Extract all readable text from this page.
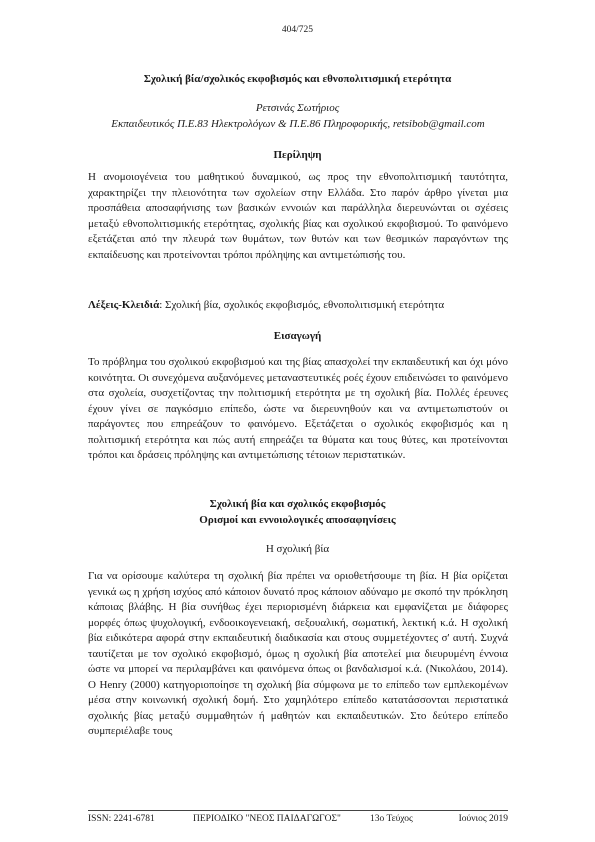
404/725
Σχολική βία/σχολικός εκφοβισμός και εθνοπολιτισμική ετερότητα
Ρετσινάς Σωτήριος
Εκπαιδευτικός Π.Ε.83 Ηλεκτρολόγων & Π.Ε.86 Πληροφορικής, retsibob@gmail.com
Περίληψη

Η ανομοιογένεια του μαθητικού δυναμικού, ως προς την εθνοπολιτισμική ταυτότητα, χαρακτηρίζει την πλειονότητα των σχολείων στην Ελλάδα. Στο παρόν άρθρο γίνεται μια προσπάθεια αποσαφήνισης των βασικών εννοιών και παράλληλα διερευνώνται οι σχέσεις μεταξύ εθνοπολιτισμικής ετερότητας, σχολικής βίας και σχολικού εκφοβισμού. Το φαινόμενο εξετάζεται από την πλευρά των θυμάτων, των θυτών και των θεσμικών παραγόντων της εκπαίδευσης και προτείνονται τρόποι πρόληψης και αντιμετώπισής του.

Λέξεις-Κλειδιά: Σχολική βία, σχολικός εκφοβισμός, εθνοπολιτισμική ετερότητα

Εισαγωγή

Το πρόβλημα του σχολικού εκφοβισμού και της βίας απασχολεί την εκπαιδευτική και όχι μόνο κοινότητα. Οι συνεχόμενα αυξανόμενες μεταναστευτικές ροές έχουν επιδεινώσει το φαινόμενο στα σχολεία, συσχετίζοντας την πολιτισμική ετερότητα με τη σχολική βία. Πολλές έρευνες έχουν γίνει σε παγκόσμιο επίπεδο, ώστε να διερευνηθούν και να αντιμετωπιστούν οι παράγοντες που επηρεάζουν το φαινόμενο. Εξετάζεται ο σχολικός εκφοβισμός και η πολιτισμική ετερότητα και πώς αυτή επηρεάζει τα θύματα και τους θύτες, και προτείνονται τρόποι και δράσεις πρόληψης και αντιμετώπισης τέτοιων περιστατικών.

Σχολική βία και σχολικός εκφοβισμός
Ορισμοί και εννοιολογικές αποσαφηνίσεις
Η σχολική βία

Για να ορίσουμε καλύτερα τη σχολική βία πρέπει να οριοθετήσουμε τη βία. Η βία ορίζεται γενικά ως η χρήση ισχύος από κάποιον δυνατό προς κάποιον αδύναμο με σκοπό την πρόκληση κάποιας βλάβης. Η βία συνήθως έχει περιορισμένη διάρκεια και εμφανίζεται με διάφορες μορφές όπως ψυχολογική, ενδοοικογενειακή, σεξουαλική, σωματική, λεκτική κ.ά. Η σχολική βία ειδικότερα αφορά στην εκπαιδευτική διαδικασία και στους συμμετέχοντες σ' αυτή. Συχνά ταυτίζεται με τον σχολικό εκφοβισμό, όμως η σχολική βία αποτελεί μια διευρυμένη έννοια ώστε να μπορεί να περιλαμβάνει και φαινόμενα όπως οι βανδαλισμοί κ.ά. (Νικολάου, 2014). Ο Henry (2000) κατηγοριοποίησε τη σχολική βία σύμφωνα με το επίπεδο των εμπλεκομένων μέσα στην κοινωνική σχολική δομή. Στο χαμηλότερο επίπεδο κατατάσσονται περιστατικά σχολικής βίας μεταξύ συμμαθητών ή μαθητών και εκπαιδευτικών. Στο δεύτερο επίπεδο συμπεριέλαβε τους

ISSN: 2241-6781	ΠΕΡΙΟΔΙΚΟ "ΝΕΟΣ ΠΑΙΔΑΓΩΓΟΣ"	13ο Τεύχος	Ιούνιος 2019
